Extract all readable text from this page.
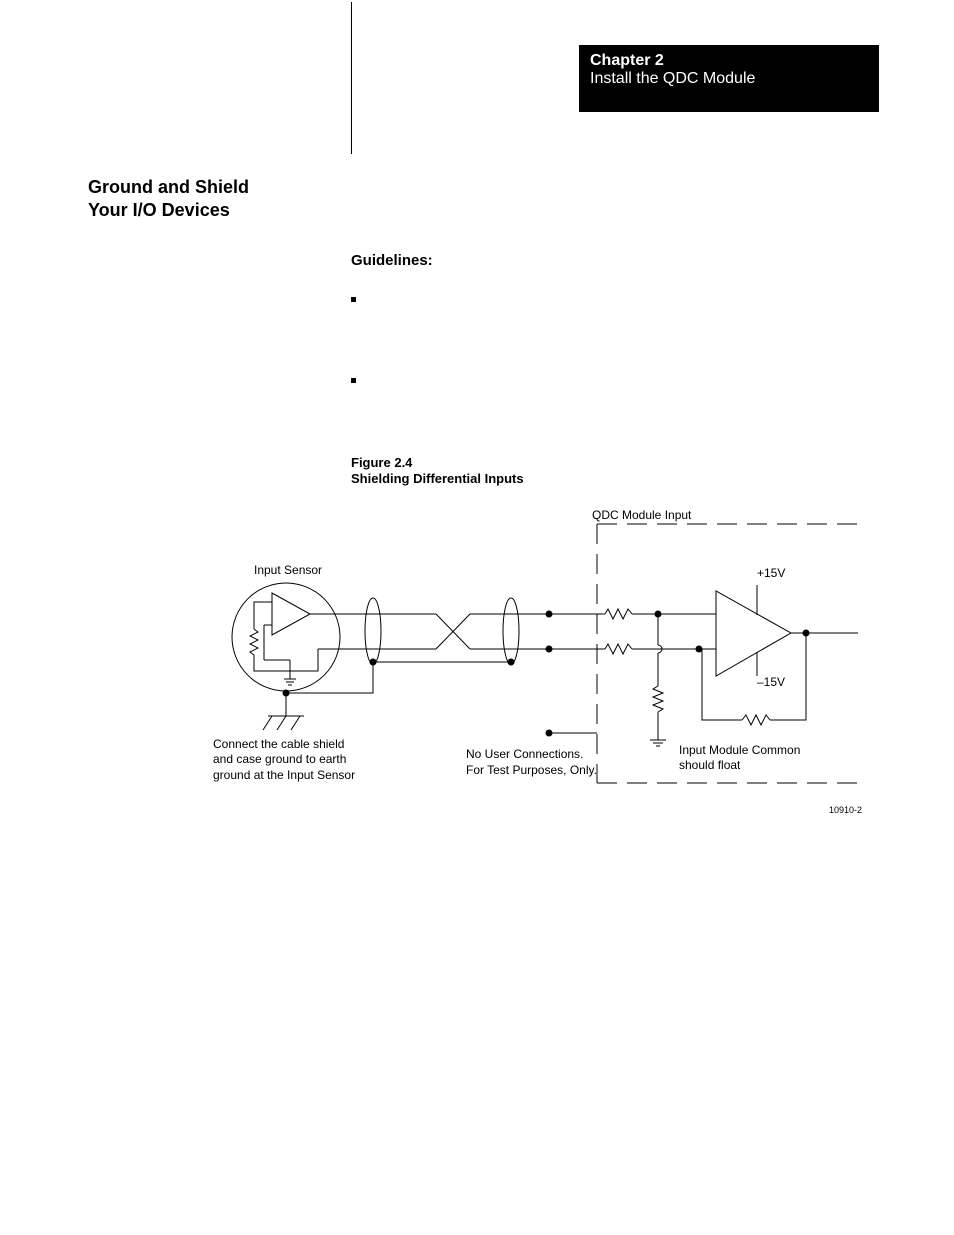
Chapter 2
Install the QDC Module
Ground and Shield
Your I/O Devices
Guidelines:
Figure 2.4
Shielding Differential Inputs
QDC Module Input
Input Sensor	+15V
–15V
Connect the cable shield
and case ground to earth
ground at the Input Sensor
No User Connections.
For Test Purposes, Only.
Input Module Common
should float
10910-2
